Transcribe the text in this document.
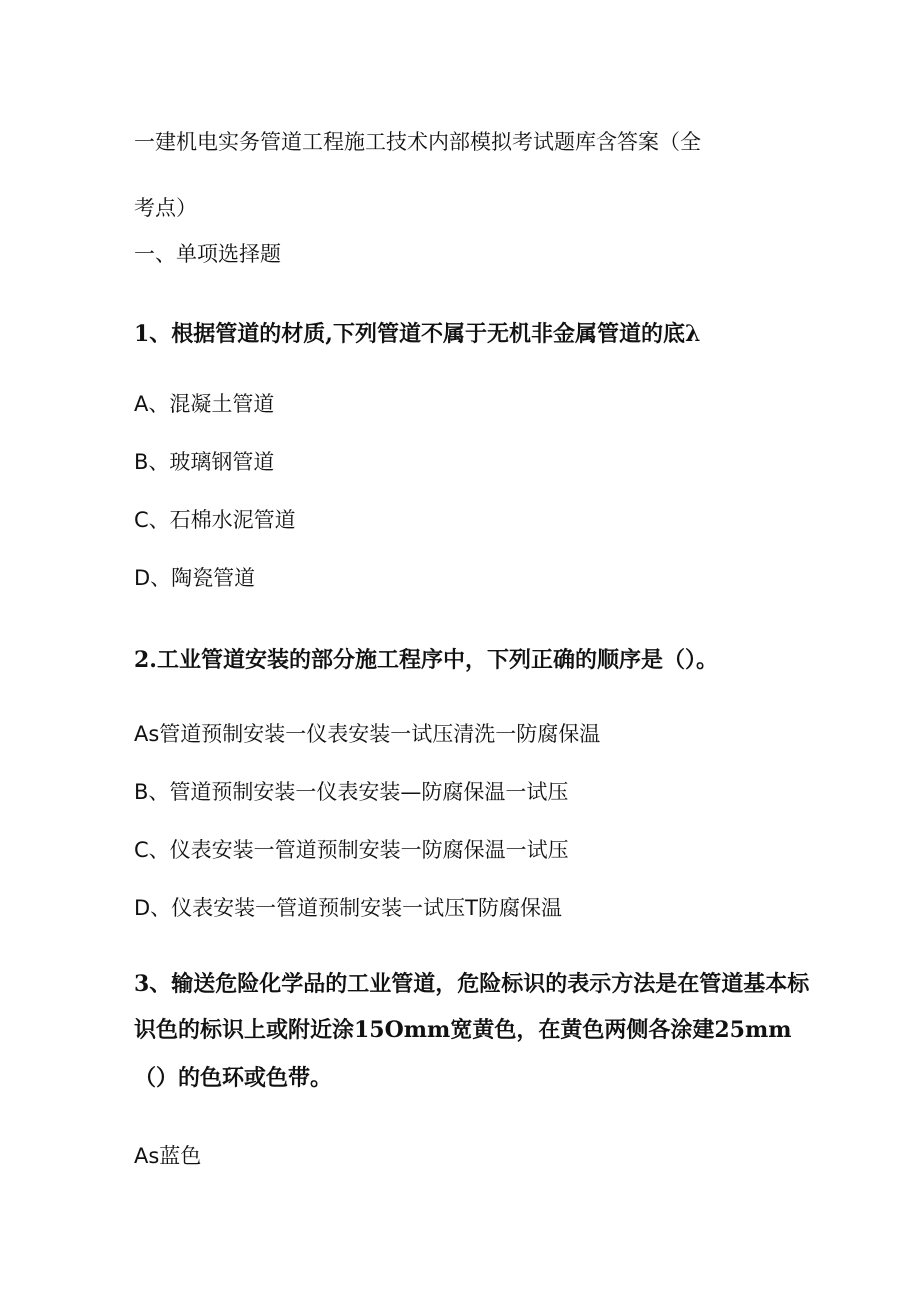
一建机电实务管道工程施工技术内部模拟考试题库含答案（全
考点）
一、单项选择题
1、根据管道的材质,下列管道不属于无机非金属管道的底λ
A、混凝土管道
B、玻璃钢管道
C、石棉水泥管道
D、陶瓷管道
2.工业管道安装的部分施工程序中，下列正确的顺序是（）。
As管道预制安装一仪表安装一试压清洗一防腐保温
B、管道预制安装一仪表安装—防腐保温一试压
C、仪表安装一管道预制安装一防腐保温一试压
D、仪表安装一管道预制安装一试压T防腐保温
3、输送危险化学品的工业管道，危险标识的表示方法是在管道基本标
识色的标识上或附近涂15Omm宽黄色，在黄色两侧各涂建25mm
（）的色环或色带。
As蓝色
